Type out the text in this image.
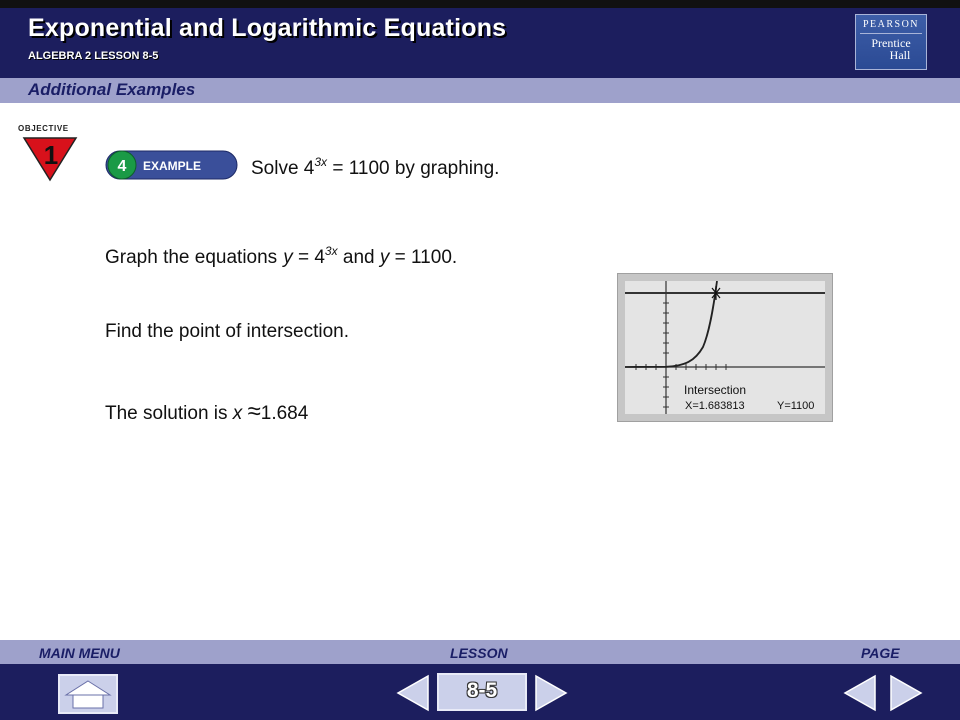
Exponential and Logarithmic Equations
ALGEBRA 2 LESSON 8-5
PEARSON
Prentice
Hall
Additional Examples
OBJECTIVE
1	4 EXAMPLE	Solve $4^{3x} = 1100$ by graphing.
Graph the equations $y = 4^{3x}$ and y = 1100.
Find the point of intersection.
The solution is x ≈1.684
Intersection
X=1.683813	Y=1100
MAIN MENU	LESSON	PAGE
8-5
